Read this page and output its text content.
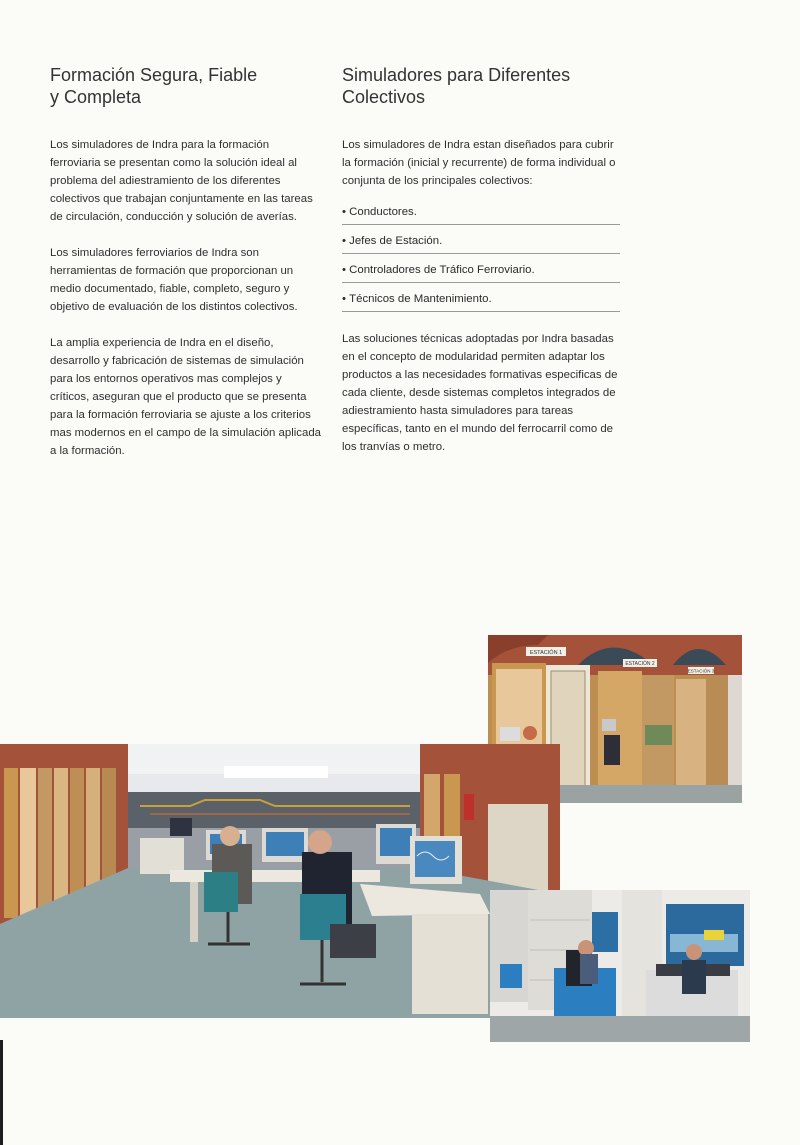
Formación Segura, Fiable
y Completa

Los simuladores de Indra para la formación ferroviaria se presentan como la solución ideal al problema del adiestramiento de los diferentes colectivos que trabajan conjuntamente en las tareas de circulación, conducción y solución de averías.

Los simuladores ferroviarios de Indra son herramientas de formación que proporcionan un medio documentado, fiable, completo, seguro y objetivo de evaluación de los distintos colectivos.

La amplia experiencia de Indra en el diseño, desarrollo y fabricación de sistemas de simulación para los entornos operativos mas complejos y críticos, aseguran que el producto que se presenta para la formación ferroviaria se ajuste a los criterios mas modernos en el campo de la simulación aplicada a la formación.

Simuladores para Diferentes
Colectivos

Los simuladores de Indra estan diseñados para cubrir la formación (inicial y recurrente) de forma individual o conjunta de los principales colectivos:

• Conductores.
• Jefes de Estación.
• Controladores de Tráfico Ferroviario.
• Técnicos de Mantenimiento.

Las soluciones técnicas adoptadas por Indra basadas en el concepto de modularidad permiten adaptar los productos a las necesidades formativas especificas de cada cliente, desde sistemas completos integrados de adiestramiento hasta simuladores para tareas específicas, tanto en el mundo del ferrocarril como de los tranvías o metro.

ESTACIÓN 1
ESTACIÓN 2
ESTACIÓN 3
